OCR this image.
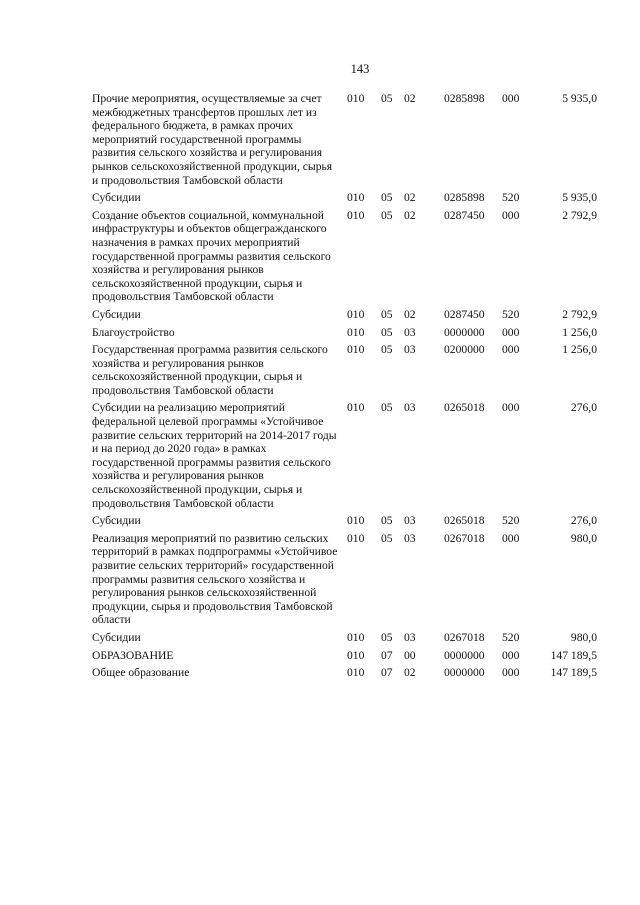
143
Прочие мероприятия, осуществляемые за счет межбюджетных трансфертов прошлых лет из федерального бюджета, в рамках прочих мероприятий государственной программы развития сельского хозяйства и регулирования рынков сельскохозяйственной продукции, сырья и продовольствия Тамбовской области	010	05	02	0285898	000	5 935,0
Субсидии	010	05	02	0285898	520	5 935,0
Создание объектов социальной, коммунальной инфраструктуры и объектов общегражданского назначения в рамках прочих мероприятий государственной программы развития сельского хозяйства и регулирования рынков сельскохозяйственной продукции, сырья и продовольствия Тамбовской области	010	05	02	0287450	000	2 792,9
Субсидии	010	05	02	0287450	520	2 792,9
Благоустройство	010	05	03	0000000	000	1 256,0
Государственная программа развития сельского хозяйства и регулирования рынков сельскохозяйственной продукции, сырья и продовольствия Тамбовской области	010	05	03	0200000	000	1 256,0
Субсидии на реализацию мероприятий федеральной целевой программы «Устойчивое развитие сельских территорий на 2014-2017 годы и на период до 2020 года» в рамках государственной программы развития сельского хозяйства и регулирования рынков сельскохозяйственной продукции, сырья и продовольствия Тамбовской области	010	05	03	0265018	000	276,0
Субсидии	010	05	03	0265018	520	276,0
Реализация мероприятий по развитию сельских территорий в рамках подпрограммы «Устойчивое развитие сельских территорий» государственной программы развития сельского хозяйства и регулирования рынков сельскохозяйственной продукции, сырья и продовольствия Тамбовской области	010	05	03	0267018	000	980,0
Субсидии	010	05	03	0267018	520	980,0
ОБРАЗОВАНИЕ	010	07	00	0000000	000	147 189,5
Общее образование	010	07	02	0000000	000	147 189,5
